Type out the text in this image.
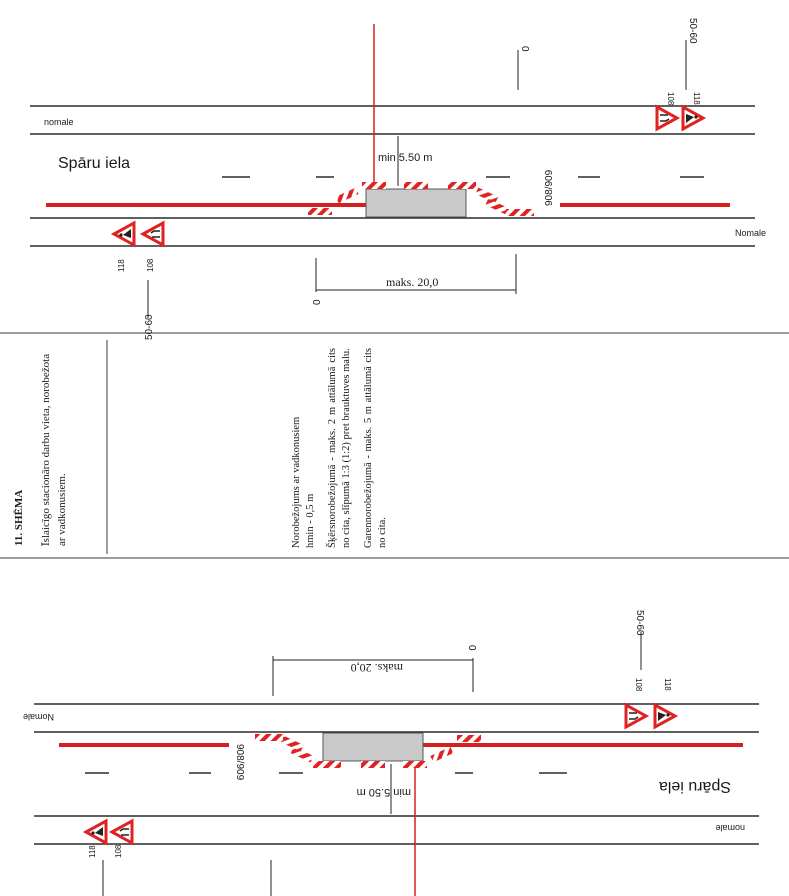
min 5.50 m
maks. 20,0
0
nomale
Nomale
Spāru iela
908/909
0
50-60
108 118
118	108
50-60
11. SHĒMA Īslaicīgo stacionāro darbu vieta, norobežota ar vadkonusiem.	Norobežojums ar vadkonusiem hmin - 0,5 m Šķērsnorobežojumā - maks. 2 m attālumā cits no cita, slīpumā 1:3 (1:2) pret brauktuves malu. Garennorobežojumā - maks. 5 m attālumā cits no cita.
min 5.50 m
maks. 20,0
0
nomale
Nomale
Spāru iela
908/909
108
118
118
108
50-60
